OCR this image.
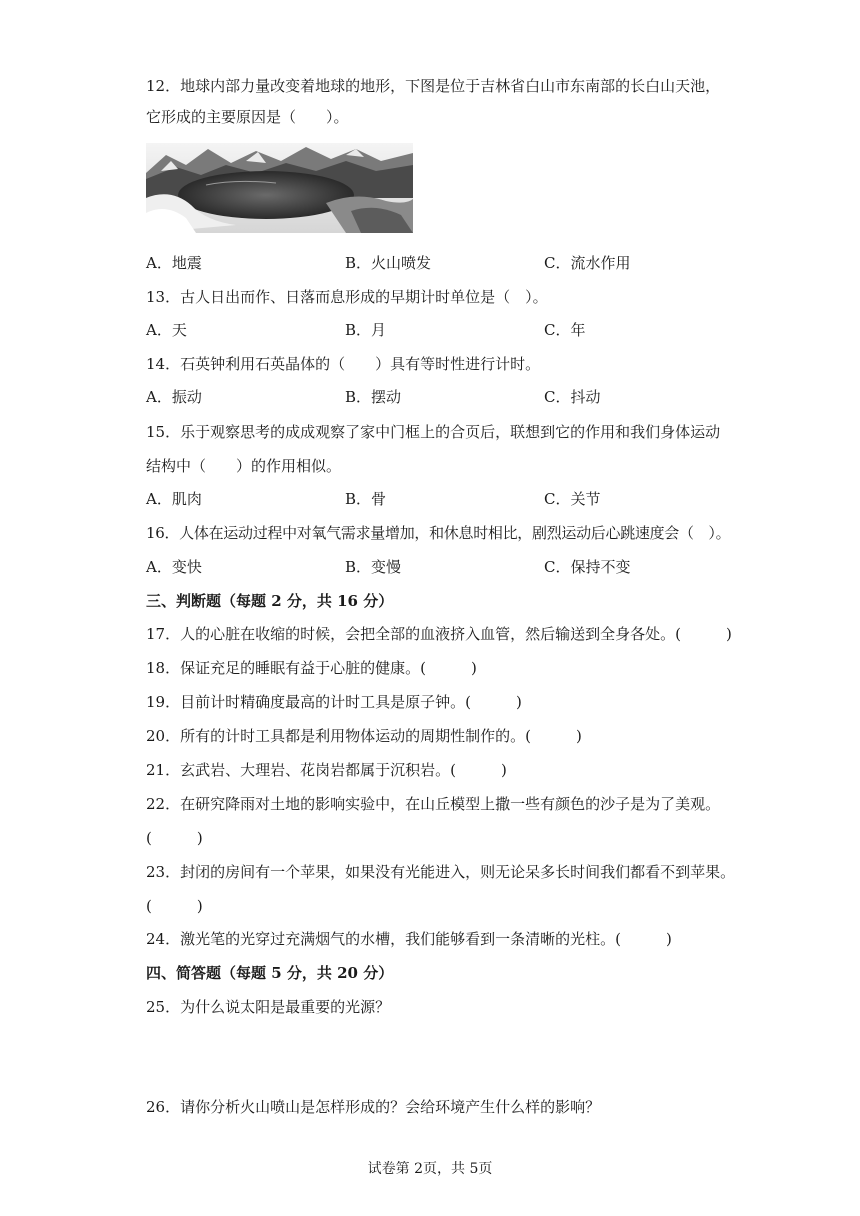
12．地球内部力量改变着地球的地形，下图是位于吉林省白山市东南部的长白山天池，
它形成的主要原因是（　　）。
A．地震	B．火山喷发	C．流水作用
13．古人日出而作、日落而息形成的早期计时单位是（　）。
A．天	B．月	C．年
14．石英钟利用石英晶体的（　　）具有等时性进行计时。
A．振动	B．摆动	C．抖动
15．乐于观察思考的成成观察了家中门框上的合页后，联想到它的作用和我们身体运动
结构中（　　）的作用相似。
A．肌肉	B．骨	C．关节
16．人体在运动过程中对氧气需求量增加，和休息时相比，剧烈运动后心跳速度会（　）。
A．变快	B．变慢	C．保持不变
三、判断题（每题 2 分，共 16 分）
17．人的心脏在收缩的时候，会把全部的血液挤入血管，然后输送到全身各处。(　　　)
18．保证充足的睡眠有益于心脏的健康。(　　　)
19．目前计时精确度最高的计时工具是原子钟。(　　　)
20．所有的计时工具都是利用物体运动的周期性制作的。(　　　)
21．玄武岩、大理岩、花岗岩都属于沉积岩。(　　　)
22．在研究降雨对土地的影响实验中，在山丘模型上撒一些有颜色的沙子是为了美观。
(　　　)
23．封闭的房间有一个苹果，如果没有光能进入，则无论呆多长时间我们都看不到苹果。
(　　　)
24．激光笔的光穿过充满烟气的水槽，我们能够看到一条清晰的光柱。(　　　)
四、简答题（每题 5 分，共 20 分）
25．为什么说太阳是最重要的光源？
26．请你分析火山喷山是怎样形成的？会给环境产生什么样的影响？
试卷第 2页，共 5页
